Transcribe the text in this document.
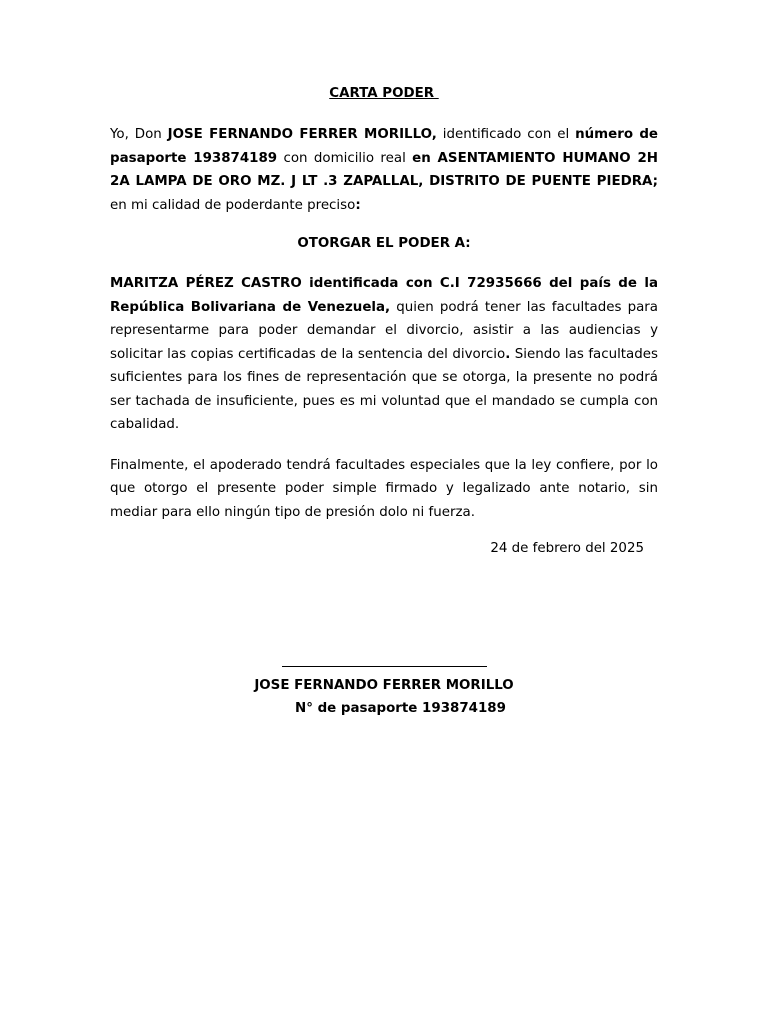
CARTA PODER

Yo, Don JOSE FERNANDO FERRER MORILLO, identificado con el número de pasaporte 193874189 con domicilio real en ASENTAMIENTO HUMANO 2H 2A LAMPA DE ORO MZ. J LT .3 ZAPALLAL, DISTRITO DE PUENTE PIEDRA; en mi calidad de poderdante preciso:

OTORGAR EL PODER A:

MARITZA PÉREZ CASTRO identificada con C.I 72935666 del país de la República Bolivariana de Venezuela, quien podrá tener las facultades para representarme para poder demandar el divorcio, asistir a las audiencias y solicitar las copias certificadas de la sentencia del divorcio. Siendo las facultades suficientes para los fines de representación que se otorga, la presente no podrá ser tachada de insuficiente, pues es mi voluntad que el mandado se cumpla con cabalidad.

Finalmente, el apoderado tendrá facultades especiales que la ley confiere, por lo que otorgo el presente poder simple firmado y legalizado ante notario, sin mediar para ello ningún tipo de presión dolo ni fuerza.

24 de febrero del 2025
JOSE FERNANDO FERRER MORILLO
N° de pasaporte 193874189
